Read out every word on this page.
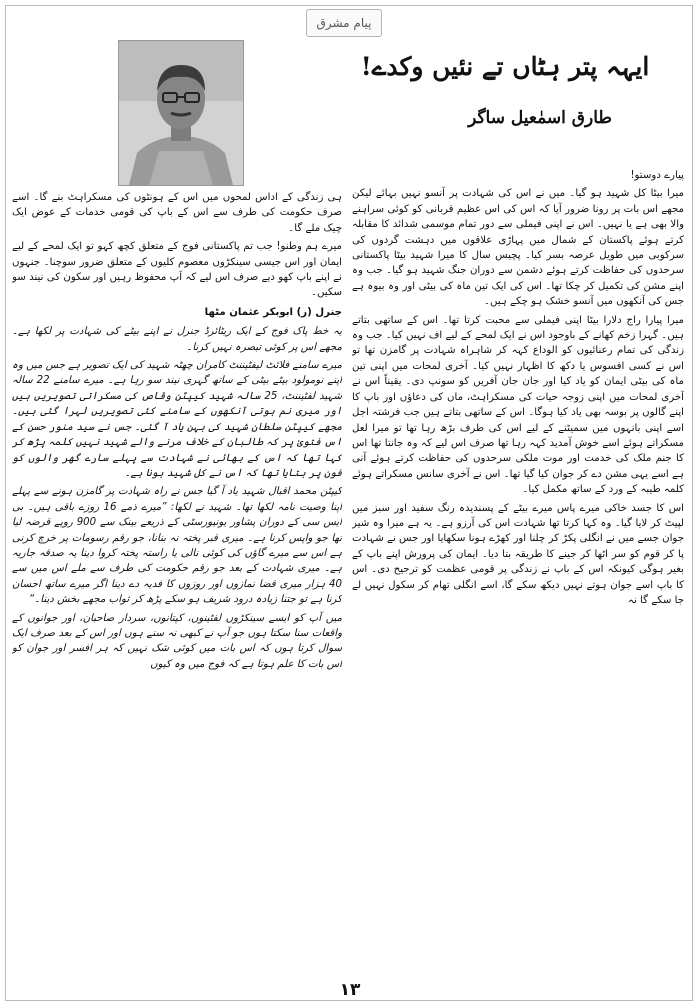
پیام مشرق
ایہہ پتر ہٹاں تے نئیں وکدے!
طارق اسمٰعیل ساگر

پیارے دوستو!

میرا بیٹا کل شہید ہو گیا۔ میں نے اس کی شہادت پر آنسو نہیں بہائے لیکن مجھے اس بات پر رونا ضرور آیا کہ اس کی اس عظیم قربانی کو کوئی سراہنے والا بھی ہے یا نہیں۔ اس نے اپنی فیملی سے دور تمام موسمی شدائد کا مقابلہ کرتے ہوئے پاکستان کے شمال میں پہاڑی علاقوں میں دہشت گردوں کی سرکوبی میں طویل عرصہ بسر کیا۔ پچیس سال کا میرا شہید بیٹا پاکستانی سرحدوں کی حفاظت کرتے ہوئے دشمن سے دوران جنگ شہید ہو گیا۔ جب وہ اپنے مشن کی تکمیل کر چکا تھا۔ اس کی ایک تین ماہ کی بیٹی اور وہ بیوہ ہے جس کی آنکھوں میں آنسو خشک ہو چکے ہیں۔

میرا پیارا راج دلارا بیٹا اپنی فیملی سے محبت کرتا تھا۔ اس کے ساتھی بتاتے ہیں۔ گہرا زخم کھانے کے باوجود اس نے ایک لمحے کے لیے اف نہیں کیا۔ جب وہ زندگی کی تمام رعنائیوں کو الوداع کہہ کر شاہراہ شہادت پر گامزن تھا تو اس نے کسی افسوس یا دکھ کا اظہار نہیں کیا۔ آخری لمحات میں اپنی تین ماہ کی بیٹی ایمان کو یاد کیا اور جان جان آفریں کو سونپ دی۔ یقیناً اس نے آخری لمحات میں اپنی زوجہ حیات کی مسکراہٹ، ماں کی دعاؤں اور باپ کا اپنے گالوں پر بوسہ بھی یاد کیا ہوگا۔ اس کے ساتھی بتاتے ہیں جب فرشتہ اجل اسے اپنی بانہوں میں سمیٹنے کے لیے اس کی طرف بڑھ رہا تھا تو میرا لعل مسکراتے ہوئے اسے خوش آمدید کہہ رہا تھا صرف اس لیے کہ وہ جانتا تھا اس کا جنم ملک کی خدمت اور موت ملکی سرحدوں کی حفاظت کرتے ہوئے آنی ہے اسے یہی مشن دے کر جوان کیا گیا تھا۔ اس نے آخری سانس مسکراتے ہوئے کلمہ طیبہ کے ورد کے ساتھ مکمل کیا۔

اس کا جسد خاکی میرے پاس میرے بیٹے کے پسندیدہ رنگ سفید اور سبز میں لپیٹ کر لایا گیا۔ وہ کہا کرتا تھا شہادت اس کی آرزو ہے۔ یہ ہے میرا وہ شیر جوان جسے میں نے انگلی پکڑ کر چلنا اور کھڑے ہونا سکھایا اور جس نے شہادت پا کر قوم کو سر اٹھا کر جینے کا طریقہ بتا دیا۔ ایمان کی پرورش اپنے باپ کے بغیر ہوگی کیونکہ اس کے باپ نے زندگی پر قومی عظمت کو ترجیح دی۔ اس کا باپ اسے جوان ہوتے نہیں دیکھ سکے گا، اسے انگلی تھام کر سکول نہیں لے جا سکے گا نہ

ہی زندگی کے اداس لمحوں میں اس کے ہونٹوں کی مسکراہٹ بنے گا۔ اسے صرف حکومت کی طرف سے اس کے باپ کی قومی خدمات کے عوض ایک چیک ملے گا۔

میرے ہم وطنو! جب تم پاکستانی فوج کے متعلق کچھ کہو تو ایک لمحے کے لیے ایمان اور اس جیسی سینکڑوں معصوم کلیوں کے متعلق ضرور سوچنا۔ جنہوں نے اپنے باپ کھو دیے صرف اس لیے کہ آپ محفوظ رہیں اور سکون کی نیند سو سکیں۔

جنرل (ر) ابوبکر عثمان مٹھا

یہ خط پاک فوج کے ایک ریٹائرڈ جنرل نے اپنے بیٹے کی شہادت پر لکھا ہے۔ مجھے اس پر کوئی تبصرہ نہیں کرنا۔

میرے سامنے فلائٹ لیفٹیننٹ کامران چھٹہ شہید کی ایک تصویر ہے جس میں وہ اپنے نومولود بیٹے بیٹی کے ساتھ گہری نیند سو رہا ہے۔ میرے سامنے 22 سالہ شہید لفٹیننٹ، 25 سالہ شہید کیپٹن وقاص کی مسکراتی تصویریں ہیں اور میری نم ہوتی آنکھوں کے سامنے کئی تصویریں لہرا گئی ہیں۔ مجھے کیپٹن سلطان شہید کی بہن یاد آ گئی۔ جس نے سید منور حسن کے اس فتویٰ پر کہ طالبان کے خلاف مرنے والے شہید نہیں کلمہ پڑھ کر کہا تھا کہ اس کے بھائی نے شہادت سے پہلے سارے گھر والوں کو فون پر بتایا تھا کہ اس نے کل شہید ہونا ہے۔

کیپٹن محمد اقبال شہید یاد آ گیا جس نے راہ شہادت پر گامزن ہونے سے پہلے اپنا وصیت نامہ لکھا تھا۔ شہید نے لکھا: ”میرے ذمے 16 روزے باقی ہیں۔ بی ایس سی کے دوران پشاور یونیورسٹی کے ذریعے بینک سے 900 روپے قرضہ لیا تھا جو واپس کرنا ہے۔ میری قبر پختہ نہ بنانا، جو رقم رسومات پر خرچ کرنی ہے اس سے میرے گاؤں کی کوئی نالی یا راستہ پختہ کروا دینا یہ صدقہ جاریہ ہے۔ میری شہادت کے بعد جو رقم حکومت کی طرف سے ملے اس میں سے 40 ہزار میری قضا نمازوں اور روزوں کا فدیہ دے دینا اگر میرے ساتھ احسان کرنا ہے تو جتنا زیادہ درود شریف ہو سکے پڑھ کر ثواب مجھے بخش دینا۔“

میں آپ کو ایسے سینکڑوں لفٹینوں، کپتانوں، سردار صاحبان، اور جوانوں کے واقعات سنا سکتا ہوں جو آپ نے کبھی نہ سنے ہوں اور اس کے بعد صرف ایک سوال کرتا ہوں کہ اس بات میں کوئی شک نہیں کہ ہر افسر اور جوان کو اس بات کا علم ہوتا ہے کہ فوج میں وہ کیوں

۱۳
